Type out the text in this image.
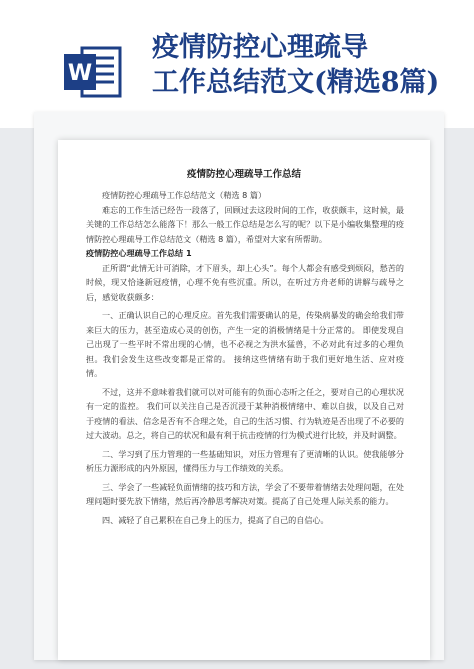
W
疫情防控心理疏导
工作总结范文(精选8篇)
疫情防控心理疏导工作总结

疫情防控心理疏导工作总结范文（精选 8 篇）

难忘的工作生活已经告一段落了，回顾过去这段时间的工作，收获颇丰，这时候，最关键的工作总结怎么能落下！那么一般工作总结是怎么写的呢？以下是小编收集整理的疫情防控心理疏导工作总结范文（精选 8 篇），希望对大家有所帮助。

疫情防控心理疏导工作总结 1

正所谓“此情无计可消除，才下眉头，却上心头”。每个人都会有感受到烦闷，愁苦的时候，现又恰逢新冠疫情，心理不免有些沉重。所以，在听过方舟老师的讲解与疏导之后，感觉收获颇多：

一、正确认识自己的心理反应。首先我们需要确认的是，传染病暴发的确会给我们带来巨大的压力，甚至造成心灵的创伤，产生一定的消极情绪是十分正常的。 即使发现自己出现了一些平时不常出现的心情，也不必视之为洪水猛兽，不必对此有过多的心理负担。我们会发生这些改变都是正常的。 接纳这些情绪有助于我们更好地生活、应对疫情。

不过，这并不意味着我们就可以对可能有的负面心态听之任之，要对自己的心理状况有一定的监控。 我们可以关注自己是否沉浸于某种消极情绪中、难以自拔，以及自己对于疫情的看法、信念是否有不合理之处，自己的生活习惯、行为轨迹是否出现了不必要的过大波动。总之，将自己的状况和最有利于抗击疫情的行为模式进行比较，并及时调整。

二、学习到了压力管理的一些基础知识，对压力管理有了更清晰的认识。使我能够分析压力源形成的内外原因，懂得压力与工作绩效的关系。

三、学会了一些减轻负面情绪的技巧和方法，学会了不要带着情绪去处理问题，在处理问题时要先放下情绪，然后再冷静思考解决对策。提高了自己处理人际关系的能力。

四、减轻了自己累积在自己身上的压力，提高了自己的自信心。
